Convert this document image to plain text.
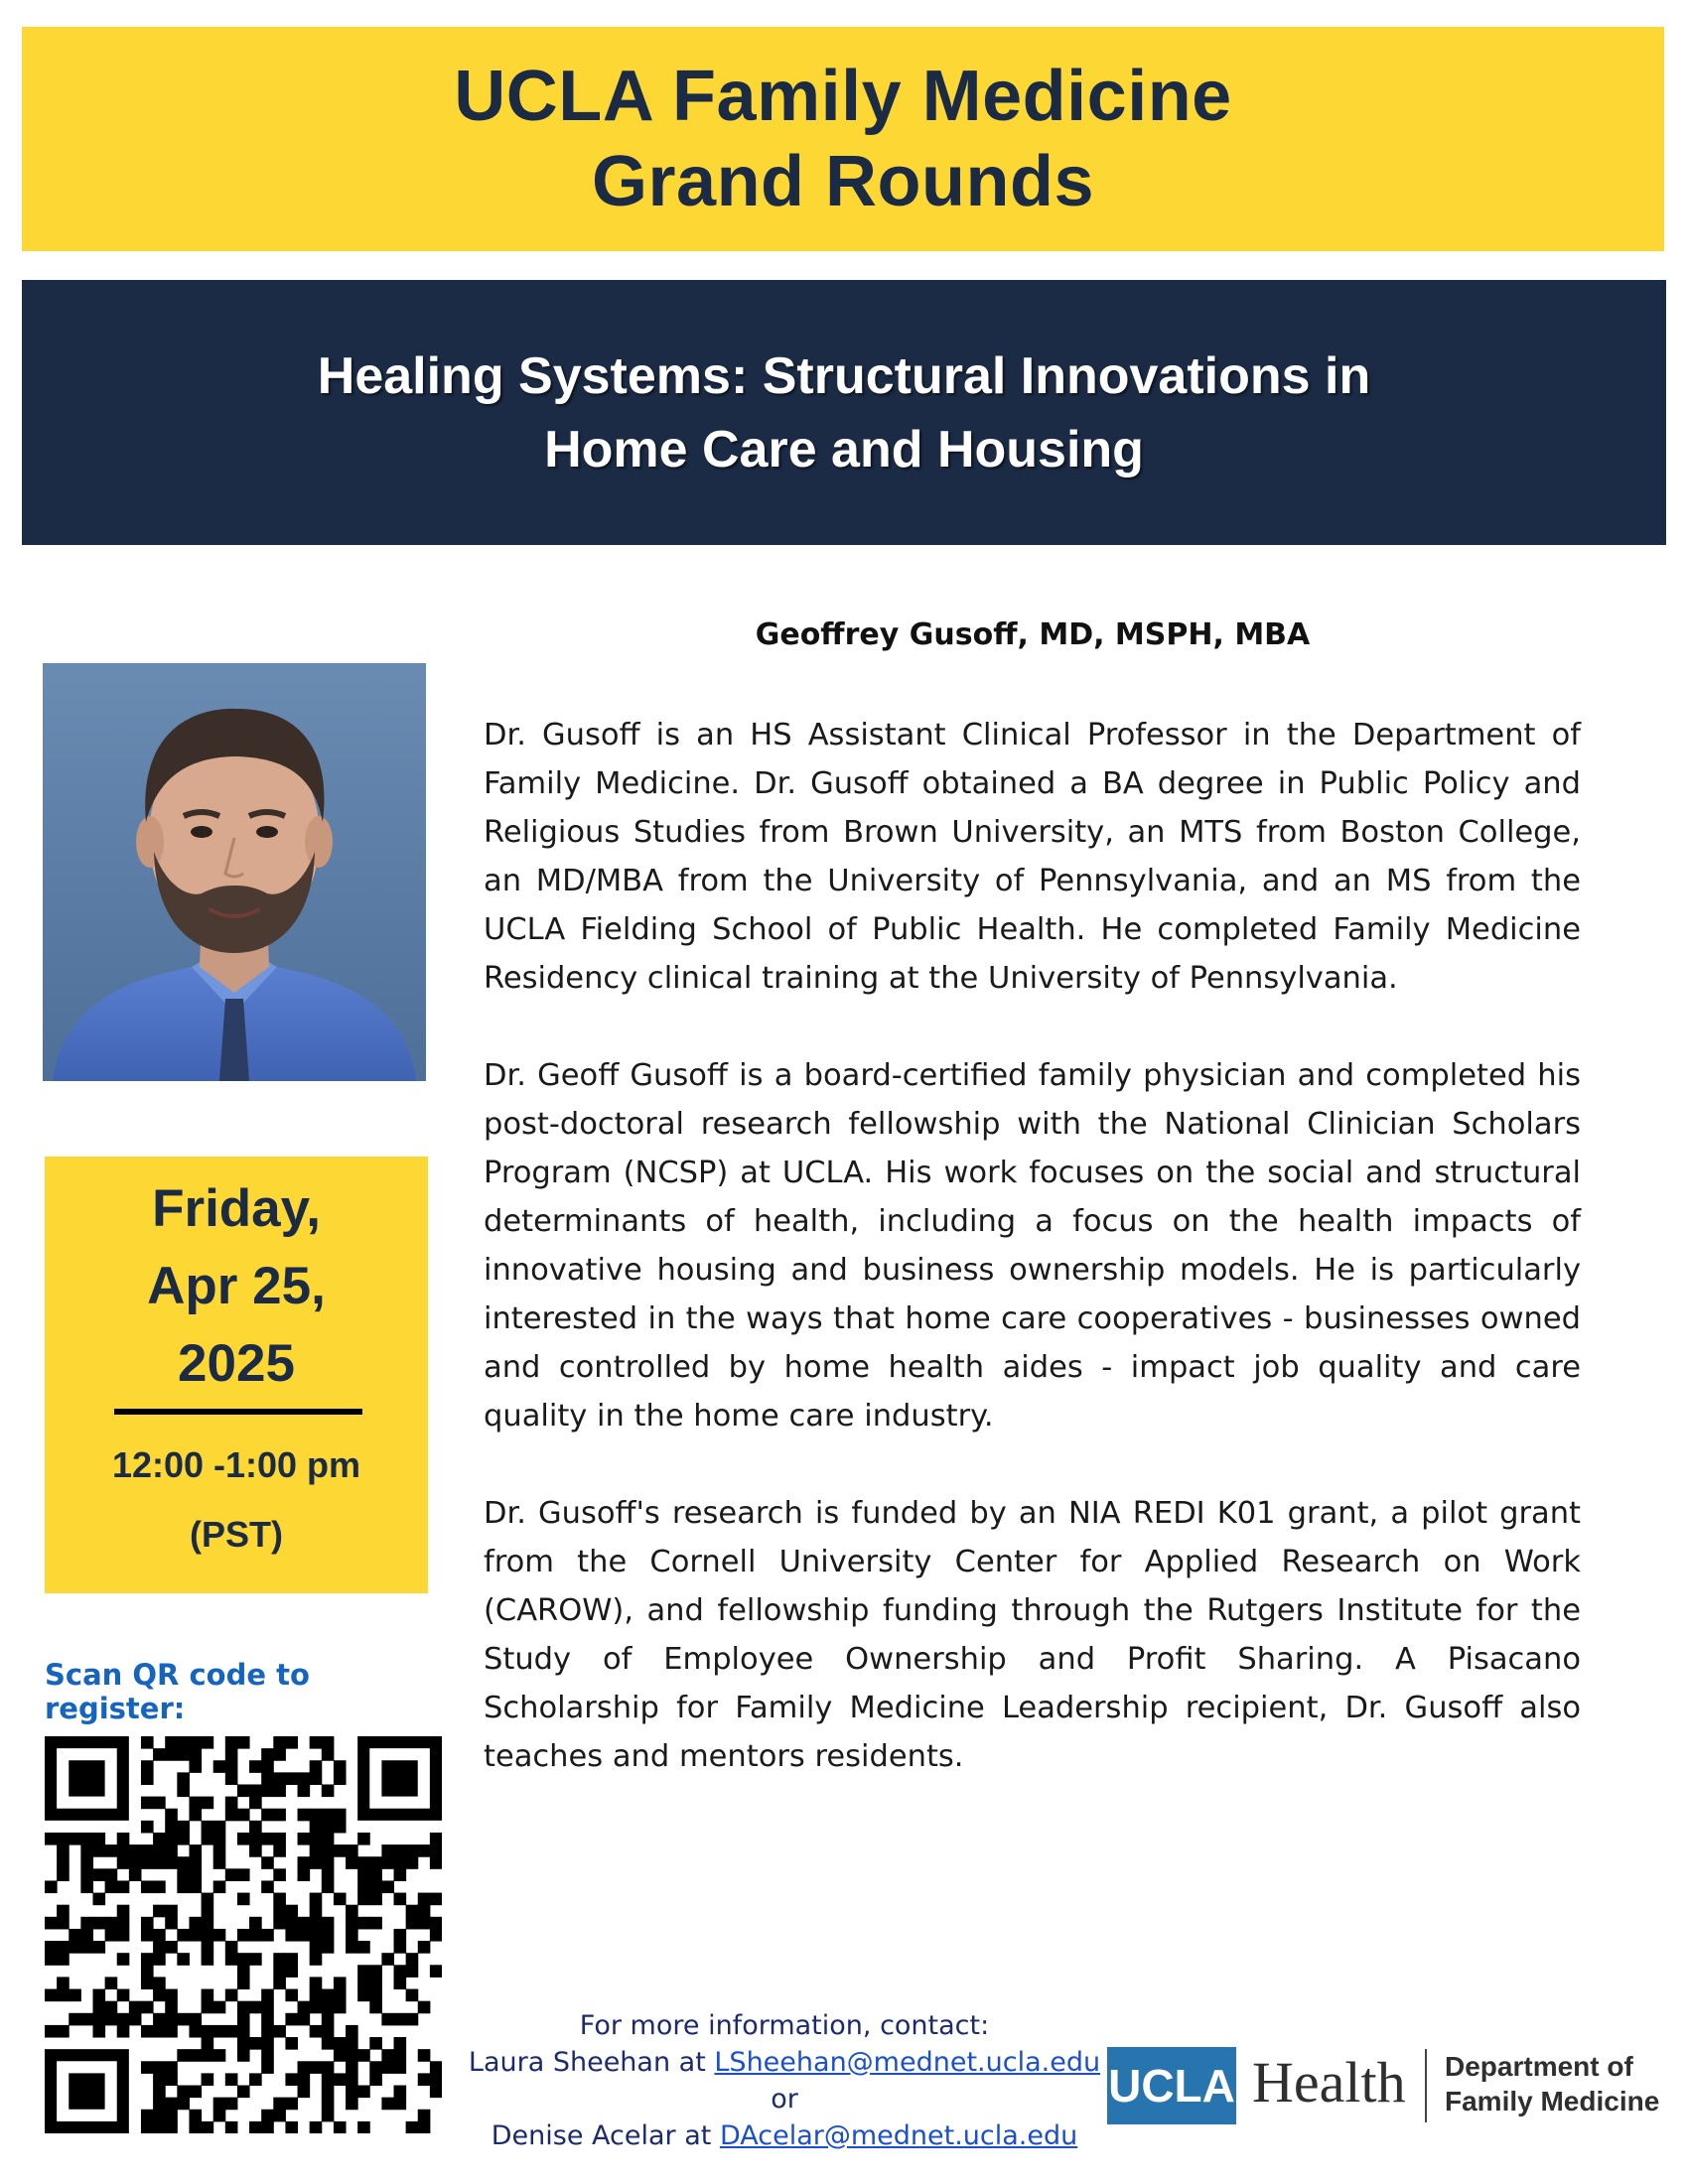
UCLA Family Medicine
Grand Rounds
Healing Systems: Structural Innovations in
Home Care and Housing
Geoffrey Gusoff, MD, MSPH, MBA

Dr. Gusoff is an HS Assistant Clinical Professor in the Department of Family Medicine. Dr. Gusoff obtained a BA degree in Public Policy and Religious Studies from Brown University, an MTS from Boston College, an MD/MBA from the University of Pennsylvania, and an MS from the UCLA Fielding School of Public Health. He completed Family Medicine Residency clinical training at the University of Pennsylvania.

Dr. Geoff Gusoff is a board-certified family physician and completed his post-doctoral research fellowship with the National Clinician Scholars Program (NCSP) at UCLA. His work focuses on the social and structural determinants of health, including a focus on the health impacts of innovative housing and business ownership models. He is particularly interested in the ways that home care cooperatives - businesses owned and controlled by home health aides - impact job quality and care quality in the home care industry.

Dr. Gusoff's research is funded by an NIA REDI K01 grant, a pilot grant from the Cornell University Center for Applied Research on Work (CAROW), and fellowship funding through the Rutgers Institute for the Study of Employee Ownership and Profit Sharing. A Pisacano Scholarship for Family Medicine Leadership recipient, Dr. Gusoff also teaches and mentors residents.

Friday,
Apr 25,
2025
12:00 -1:00 pm
(PST)
Scan QR code to register:
For more information, contact:
Laura Sheehan at LSheehan@mednet.ucla.edu
or
Denise Acelar at DAcelar@mednet.ucla.edu
UCLA Health Department of
Family Medicine
